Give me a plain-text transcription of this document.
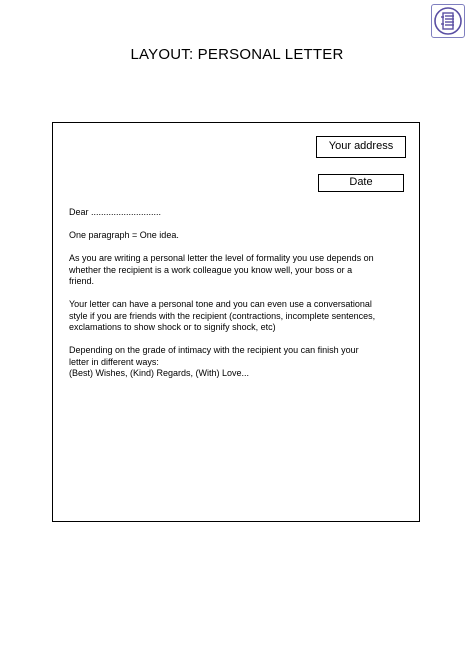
LAYOUT: PERSONAL LETTER
Your address
Date

Dear ............................

One paragraph = One idea.

As you are writing a personal letter the level of formality you use depends on
whether the recipient is a work colleague you know well, your boss or a
friend.

Your letter can have a personal tone and you can even use a conversational
style if you are friends with the recipient (contractions, incomplete sentences,
exclamations to show shock or to signify shock, etc)

Depending on the grade of intimacy with the recipient you can finish your
letter in different ways:
(Best) Wishes, (Kind) Regards, (With) Love...
